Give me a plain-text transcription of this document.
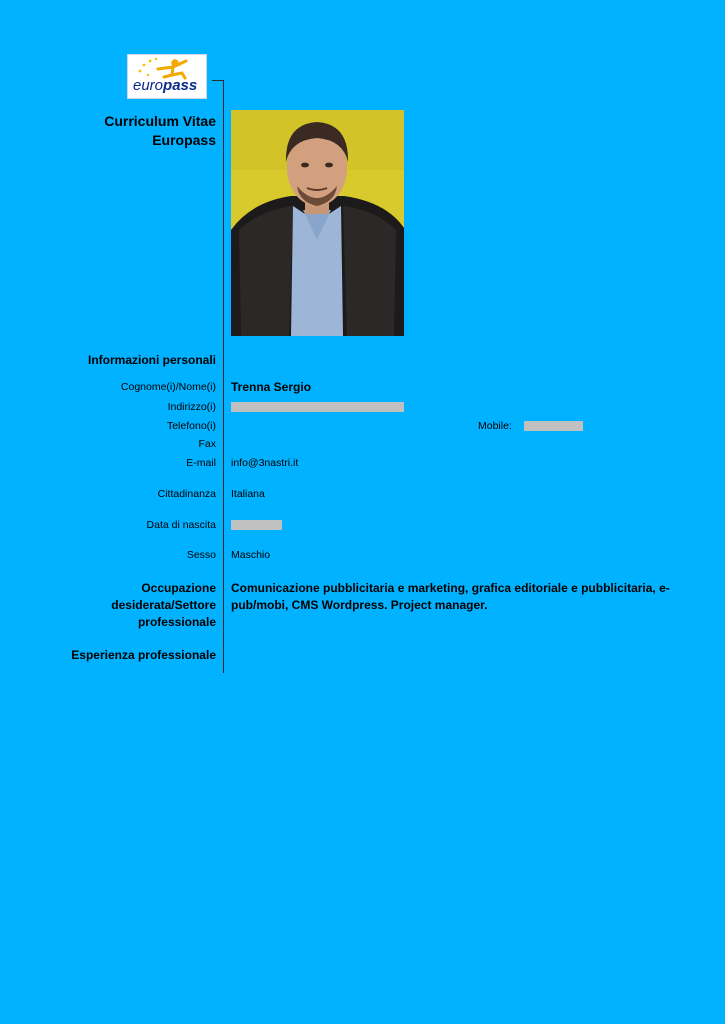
europass
Curriculum Vitae
Europass
Informazioni personali
Cognome(i)/Nome(i) Trenna Sergio
Indirizzo(i)
Telefono(i)	Mobile:
Fax
E-mail info@3nastri.it
Cittadinanza Italiana
Data di nascita
Sesso Maschio
Occupazione
desiderata/Settore
professionale
Comunicazione pubblicitaria e marketing, grafica editoriale e pubblicitaria, e-
pub/mobi, CMS Wordpress. Project manager.
Esperienza professionale
